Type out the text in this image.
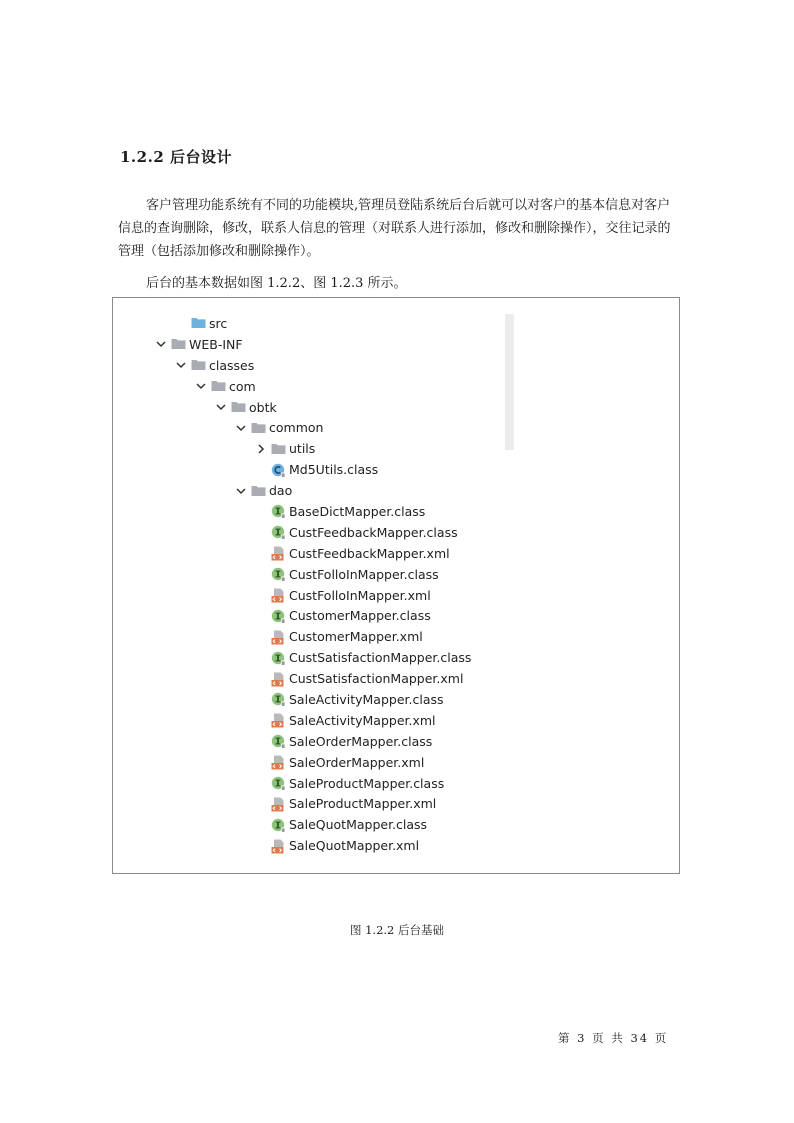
1.2.2 后台设计

客户管理功能系统有不同的功能模块,管理员登陆系统后台后就可以对客户的基本信息对客户信息的查询删除，修改，联系人信息的管理（对联系人进行添加，修改和删除操作），交往记录的管理（包括添加修改和删除操作）。

后台的基本数据如图 1.2.2、图 1.2.3 所示。

src
WEB-INF
classes
com
obtk
common
utils
Md5Utils.class
dao
BaseDictMapper.class
CustFeedbackMapper.class
CustFeedbackMapper.xml
CustFolloInMapper.class
CustFolloInMapper.xml
CustomerMapper.class
CustomerMapper.xml
CustSatisfactionMapper.class
CustSatisfactionMapper.xml
SaleActivityMapper.class
SaleActivityMapper.xml
SaleOrderMapper.class
SaleOrderMapper.xml
SaleProductMapper.class
SaleProductMapper.xml
SaleQuotMapper.class
SaleQuotMapper.xml
图 1.2.2 后台基础
第 3 页 共 34 页
